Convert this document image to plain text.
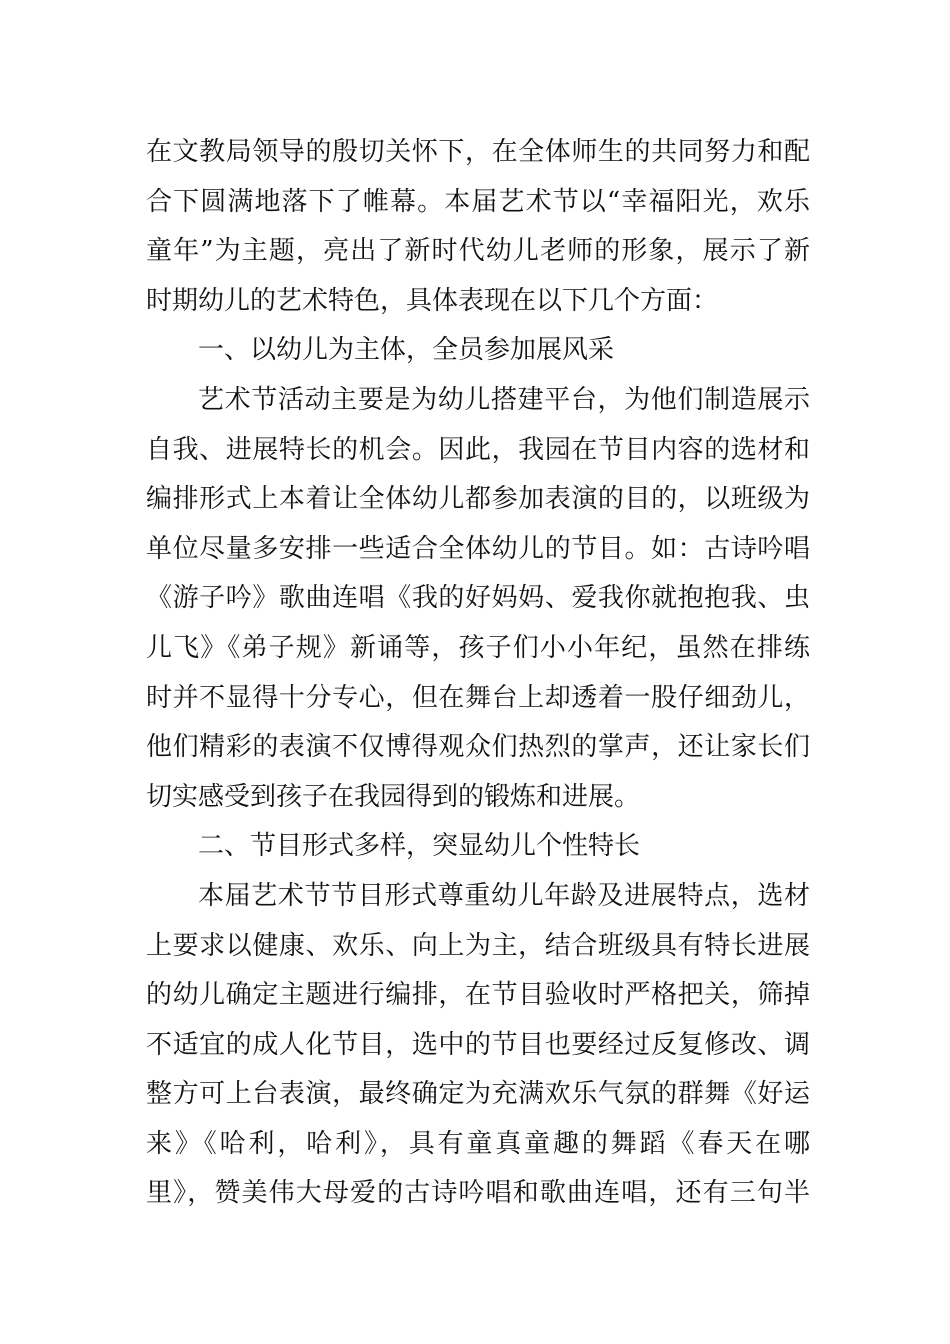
在文教局领导的殷切关怀下，在全体师生的共同努力和配
合下圆满地落下了帷幕。本届艺术节以“幸福阳光，欢乐
童年”为主题，亮出了新时代幼儿老师的形象，展示了新
时期幼儿的艺术特色，具体表现在以下几个方面：
一、以幼儿为主体，全员参加展风采
艺术节活动主要是为幼儿搭建平台，为他们制造展示
自我、进展特长的机会。因此，我园在节目内容的选材和
编排形式上本着让全体幼儿都参加表演的目的，以班级为
单位尽量多安排一些适合全体幼儿的节目。如：古诗吟唱
《游子吟》歌曲连唱《我的好妈妈、爱我你就抱抱我、虫
儿飞》《弟子规》新诵等，孩子们小小年纪，虽然在排练
时并不显得十分专心，但在舞台上却透着一股仔细劲儿，
他们精彩的表演不仅博得观众们热烈的掌声，还让家长们
切实感受到孩子在我园得到的锻炼和进展。
二、节目形式多样，突显幼儿个性特长
本届艺术节节目形式尊重幼儿年龄及进展特点，选材
上要求以健康、欢乐、向上为主，结合班级具有特长进展
的幼儿确定主题进行编排，在节目验收时严格把关，筛掉
不适宜的成人化节目，选中的节目也要经过反复修改、调
整方可上台表演，最终确定为充满欢乐气氛的群舞《好运
来》《哈利，哈利》，具有童真童趣的舞蹈《春天在哪
里》，赞美伟大母爱的古诗吟唱和歌曲连唱，还有三句半
